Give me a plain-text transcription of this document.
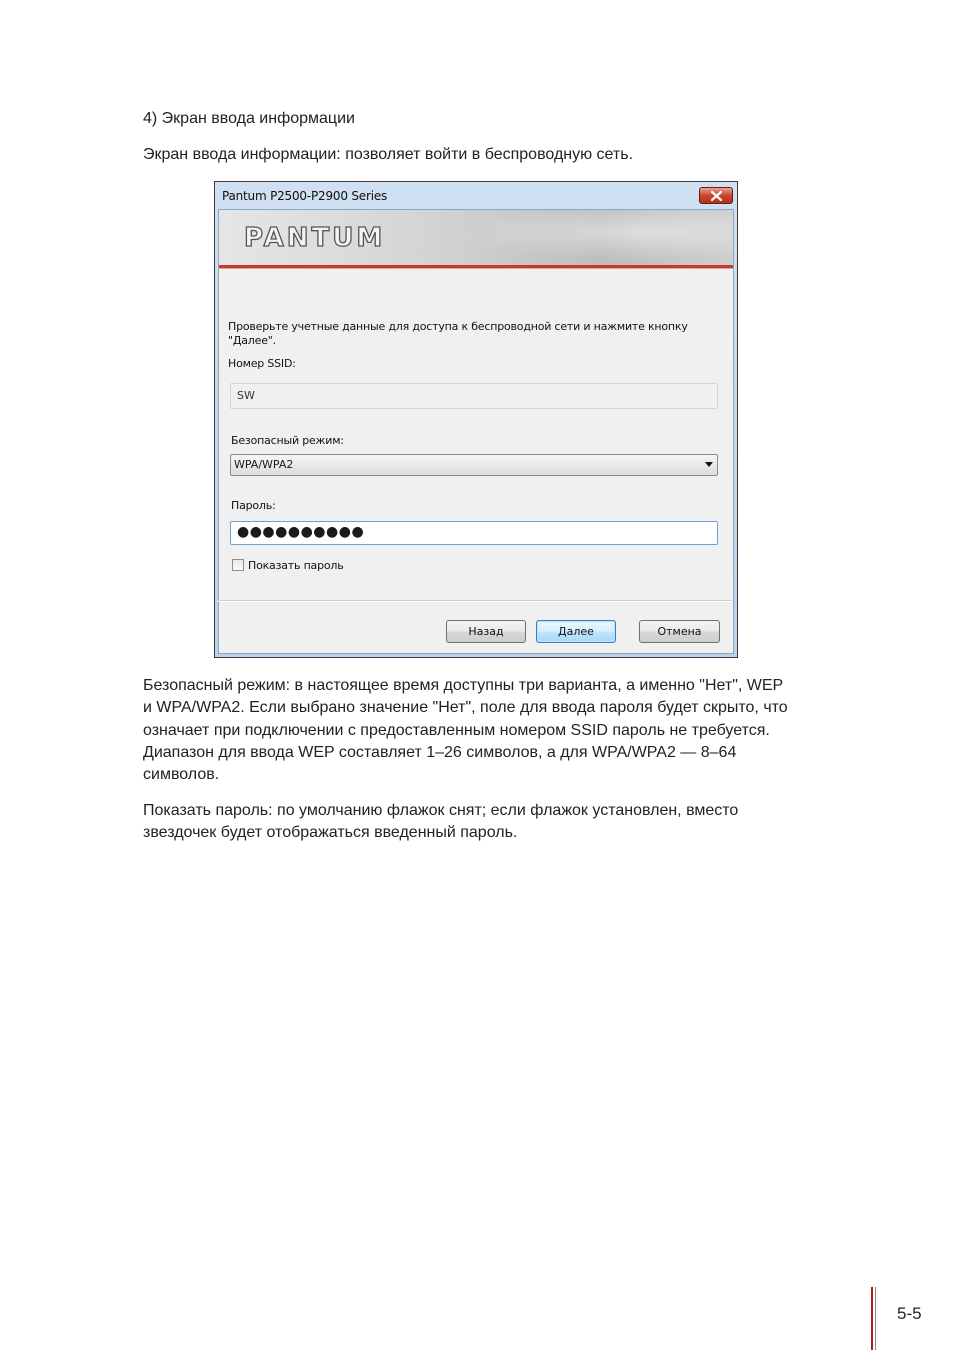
4) Экран ввода информации
Экран ввода информации: позволяет войти в беспроводную сеть.
Pantum P2500-P2900 Series
PANTUM
Проверьте учетные данные для доступа к беспроводной сети и нажмите кнопку
"Далее".
Номер SSID:
SW
Безопасный режим:
WPA/WPA2
Пароль:
●●●●●●●●●●
Показать пароль
Назад	Далее	Отмена
Безопасный режим: в настоящее время доступны три варианта, а именно "Нет", WEP
и WPA/WPA2. Если выбрано значение "Нет", поле для ввода пароля будет скрыто, что
означает при подключении с предоставленным номером SSID пароль не требуется.
Диапазон для ввода WEP составляет 1–26 символов, а для WPA/WPA2 — 8–64
символов.
Показать пароль: по умолчанию флажок снят; если флажок установлен, вместо
звездочек будет отображаться введенный пароль.
5-5
